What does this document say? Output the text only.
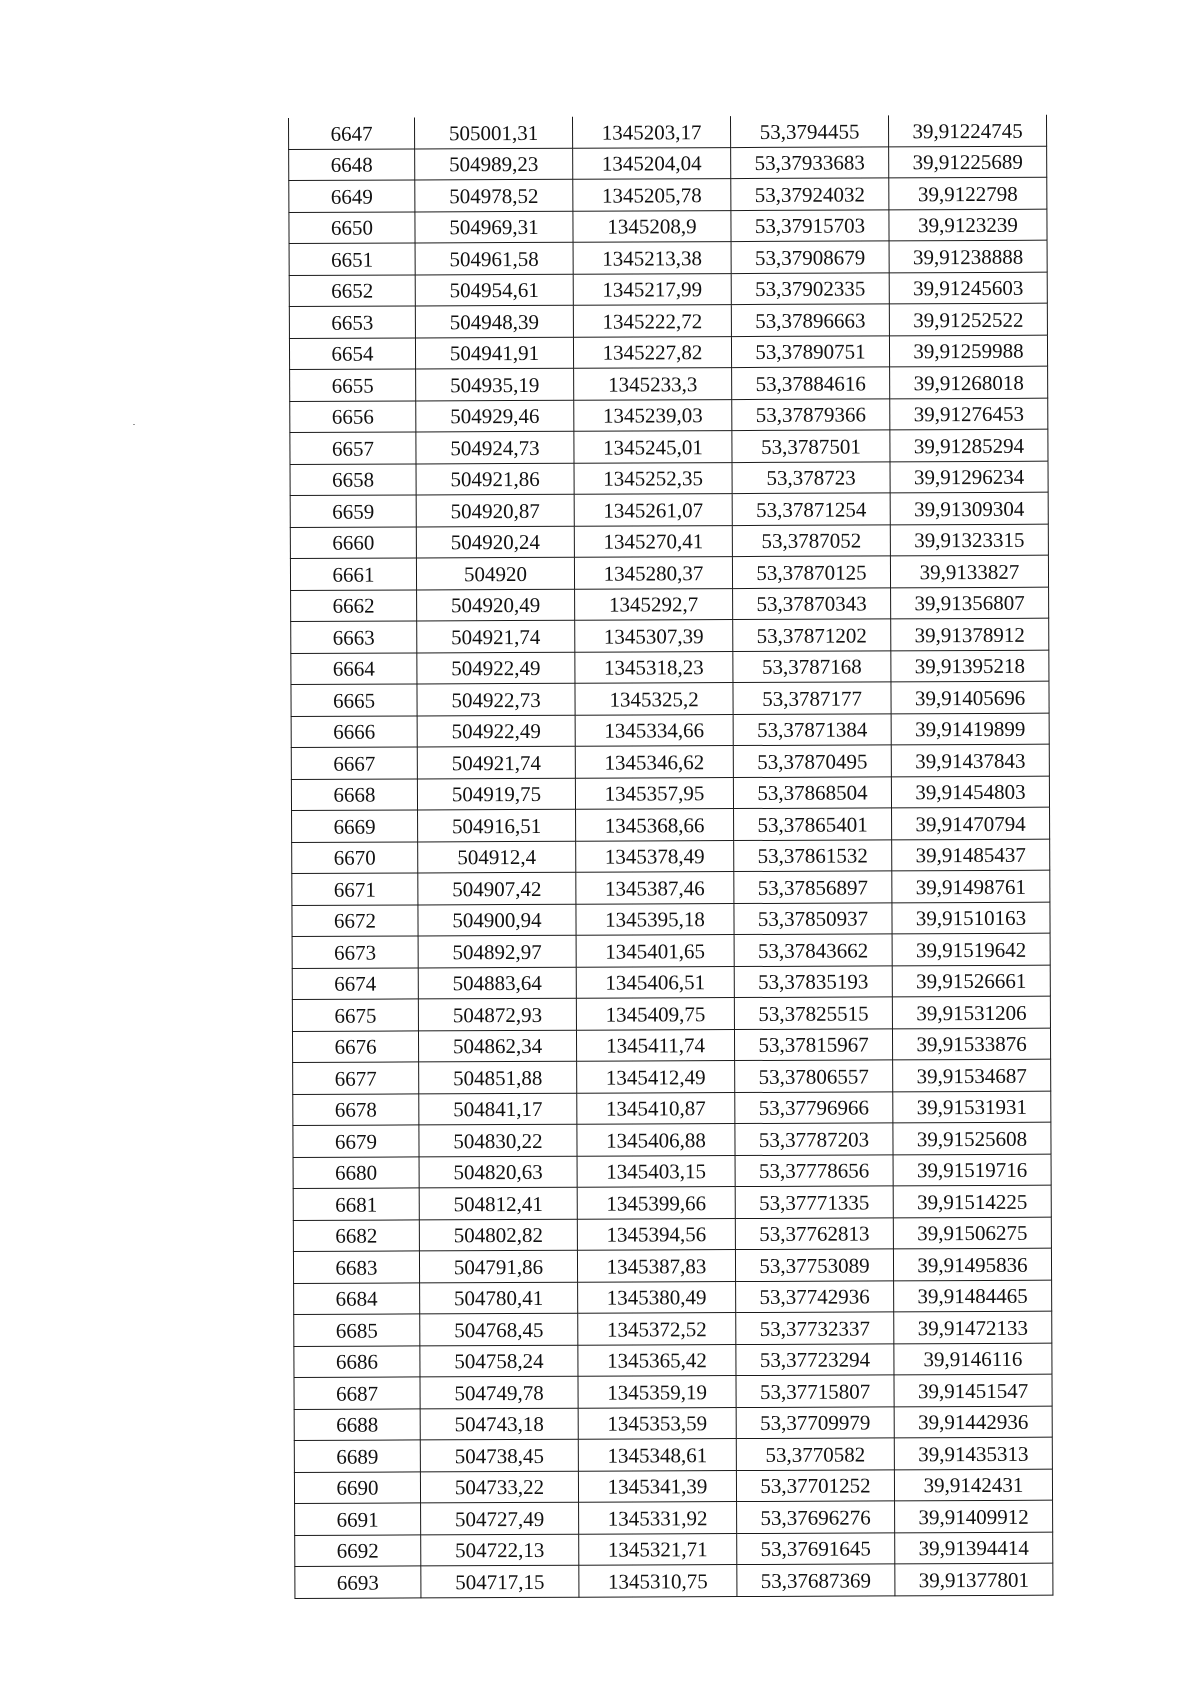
6647	505001,31	1345203,17	53,3794455	39,91224745
6648	504989,23	1345204,04	53,37933683	39,91225689
6649	504978,52	1345205,78	53,37924032	39,9122798
6650	504969,31	1345208,9	53,37915703	39,9123239
6651	504961,58	1345213,38	53,37908679	39,91238888
6652	504954,61	1345217,99	53,37902335	39,91245603
6653	504948,39	1345222,72	53,37896663	39,91252522
6654	504941,91	1345227,82	53,37890751	39,91259988
6655	504935,19	1345233,3	53,37884616	39,91268018
6656	504929,46	1345239,03	53,37879366	39,91276453
6657	504924,73	1345245,01	53,3787501	39,91285294
6658	504921,86	1345252,35	53,378723	39,91296234
6659	504920,87	1345261,07	53,37871254	39,91309304
6660	504920,24	1345270,41	53,3787052	39,91323315
6661	504920	1345280,37	53,37870125	39,9133827
6662	504920,49	1345292,7	53,37870343	39,91356807
6663	504921,74	1345307,39	53,37871202	39,91378912
6664	504922,49	1345318,23	53,3787168	39,91395218
6665	504922,73	1345325,2	53,3787177	39,91405696
6666	504922,49	1345334,66	53,37871384	39,91419899
6667	504921,74	1345346,62	53,37870495	39,91437843
6668	504919,75	1345357,95	53,37868504	39,91454803
6669	504916,51	1345368,66	53,37865401	39,91470794
6670	504912,4	1345378,49	53,37861532	39,91485437
6671	504907,42	1345387,46	53,37856897	39,91498761
6672	504900,94	1345395,18	53,37850937	39,91510163
6673	504892,97	1345401,65	53,37843662	39,91519642
6674	504883,64	1345406,51	53,37835193	39,91526661
6675	504872,93	1345409,75	53,37825515	39,91531206
6676	504862,34	1345411,74	53,37815967	39,91533876
6677	504851,88	1345412,49	53,37806557	39,91534687
6678	504841,17	1345410,87	53,37796966	39,91531931
6679	504830,22	1345406,88	53,37787203	39,91525608
6680	504820,63	1345403,15	53,37778656	39,91519716
6681	504812,41	1345399,66	53,37771335	39,91514225
6682	504802,82	1345394,56	53,37762813	39,91506275
6683	504791,86	1345387,83	53,37753089	39,91495836
6684	504780,41	1345380,49	53,37742936	39,91484465
6685	504768,45	1345372,52	53,37732337	39,91472133
6686	504758,24	1345365,42	53,37723294	39,9146116
6687	504749,78	1345359,19	53,37715807	39,91451547
6688	504743,18	1345353,59	53,37709979	39,91442936
6689	504738,45	1345348,61	53,3770582	39,91435313
6690	504733,22	1345341,39	53,37701252	39,9142431
6691	504727,49	1345331,92	53,37696276	39,91409912
6692	504722,13	1345321,71	53,37691645	39,91394414
6693	504717,15	1345310,75	53,37687369	39,91377801
